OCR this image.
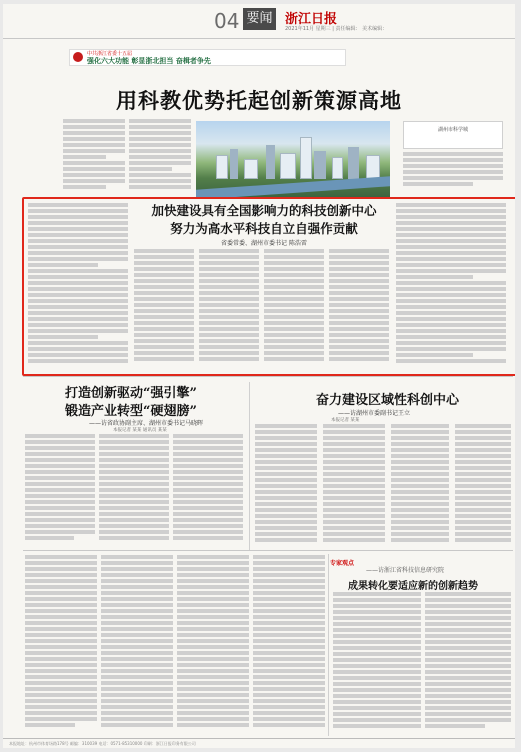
04 要闻 浙江日报
2021年11月 星期三 | 责任编辑： 美术编辑：
中共浙江省委十五届
强化六大功能 彰显浙北担当 奋楫者争先
用科教优势托起创新策源高地
湖州市科学城
加快建设具有全国影响力的科技创新中心
努力为高水平科技自立自强作贡献
省委常委、湖州市委书记 陈浩雷
打造创新驱动“强引擎”
锻造产业转型“硬翅膀”
——访省政协副主席、湖州市委书记马晓晖
本报记者 某某 通讯员 某某
奋力建设区域性科创中心
——访湖州市委副书记王立
本报记者 某某
专家观点
——访浙江省科技信息研究院
成果转化要适应新的创新趋势
本报地址：杭州市体育场路178号 邮编：310039 电话：0571-85310000 印刷：浙江日报印务有限公司
